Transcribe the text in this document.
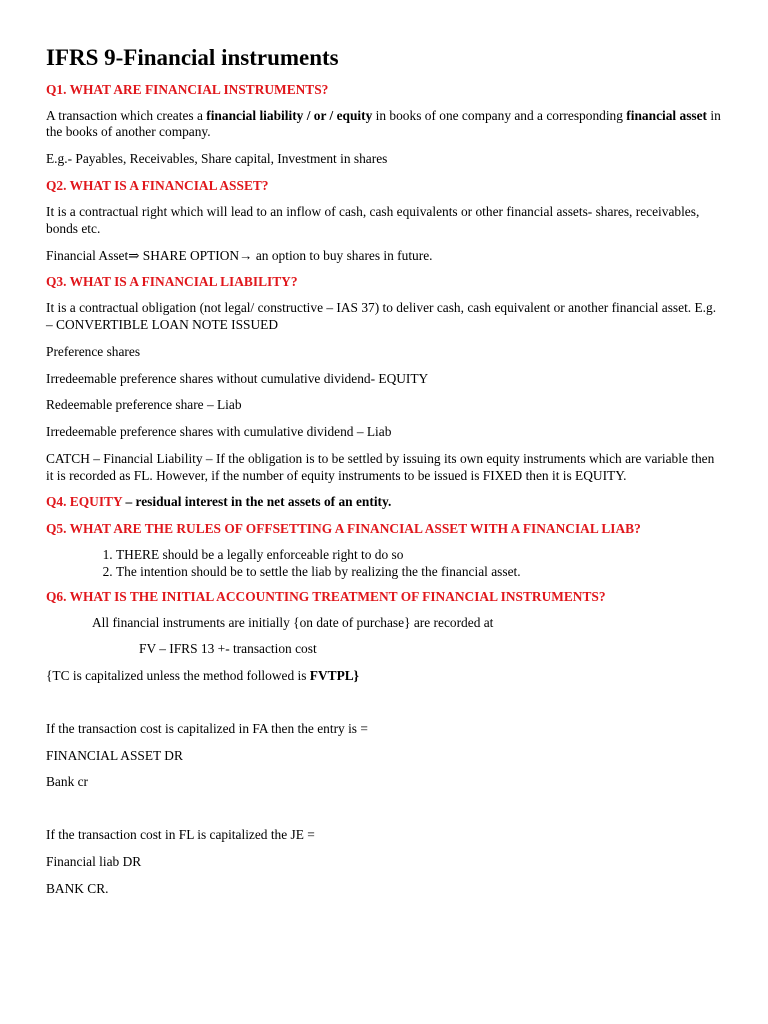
IFRS 9-Financial instruments
Q1. WHAT ARE FINANCIAL INSTRUMENTS?

A transaction which creates a financial liability / or / equity in books of one company and a corresponding financial asset in the books of another company.

E.g.- Payables, Receivables, Share capital, Investment in shares

Q2. WHAT IS A FINANCIAL ASSET?

It is a contractual right which will lead to an inflow of cash, cash equivalents or other financial assets- shares, receivables, bonds etc.

Financial Asset⇒ SHARE OPTION→ an option to buy shares in future.

Q3. WHAT IS A FINANCIAL LIABILITY?

It is a contractual obligation (not legal/ constructive – IAS 37) to deliver cash, cash equivalent or another financial asset. E.g. – CONVERTIBLE LOAN NOTE ISSUED

Preference shares

Irredeemable preference shares without cumulative dividend- EQUITY

Redeemable preference share – Liab

Irredeemable preference shares with cumulative dividend – Liab

CATCH – Financial Liability – If the obligation is to be settled by issuing its own equity instruments which are variable then it is recorded as FL. However, if the number of equity instruments to be issued is FIXED then it is EQUITY.

Q4. EQUITY – residual interest in the net assets of an entity.

Q5. WHAT ARE THE RULES OF OFFSETTING A FINANCIAL ASSET WITH A FINANCIAL LIAB?
1. THERE should be a legally enforceable right to do so
2. The intention should be to settle the liab by realizing the the financial asset.
Q6. WHAT IS THE INITIAL ACCOUNTING TREATMENT OF FINANCIAL INSTRUMENTS?

All financial instruments are initially {on date of purchase} are recorded at

FV – IFRS 13 +- transaction cost

{TC is capitalized unless the method followed is FVTPL}

If the transaction cost is capitalized in FA then the entry is =

FINANCIAL ASSET DR

Bank cr

If the transaction cost in FL is capitalized the JE =

Financial liab DR

BANK CR.
